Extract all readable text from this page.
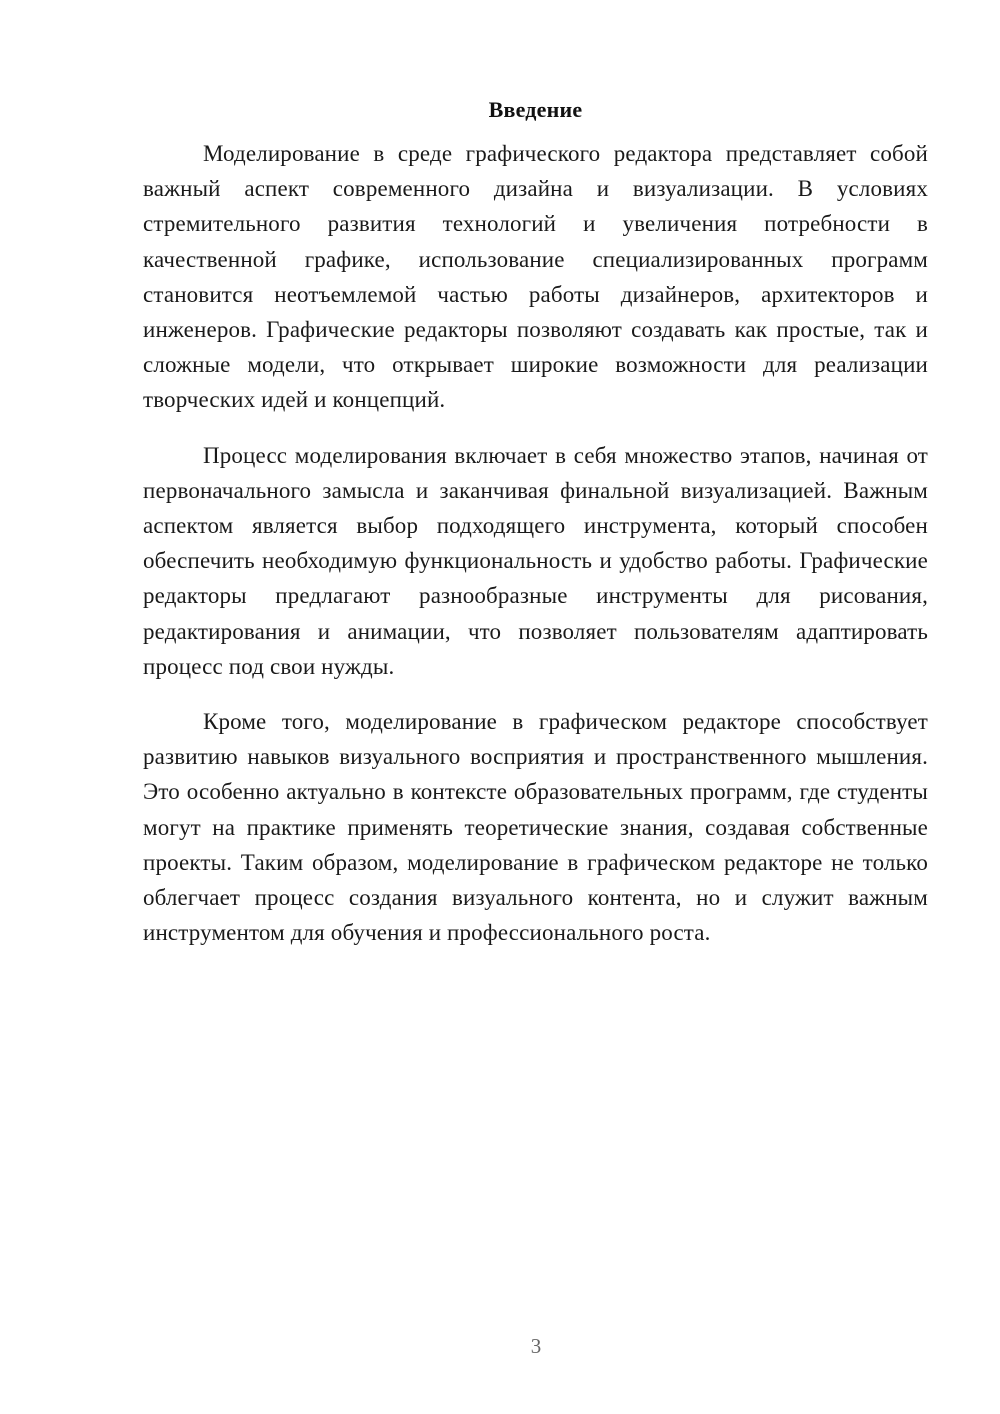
Введение

Моделирование в среде графического редактора представляет собой важный аспект современного дизайна и визуализации. В условиях стремительного развития технологий и увеличения потребности в качественной графике, использование специализированных программ становится неотъемлемой частью работы дизайнеров, архитекторов и инженеров. Графические редакторы позволяют создавать как простые, так и сложные модели, что открывает широкие возможности для реализации творческих идей и концепций.

Процесс моделирования включает в себя множество этапов, начиная от первоначального замысла и заканчивая финальной визуализацией. Важным аспектом является выбор подходящего инструмента, который способен обеспечить необходимую функциональность и удобство работы. Графические редакторы предлагают разнообразные инструменты для рисования, редактирования и анимации, что позволяет пользователям адаптировать процесс под свои нужды.

Кроме того, моделирование в графическом редакторе способствует развитию навыков визуального восприятия и пространственного мышления. Это особенно актуально в контексте образовательных программ, где студенты могут на практике применять теоретические знания, создавая собственные проекты. Таким образом, моделирование в графическом редакторе не только облегчает процесс создания визуального контента, но и служит важным инструментом для обучения и профессионального роста.

3
